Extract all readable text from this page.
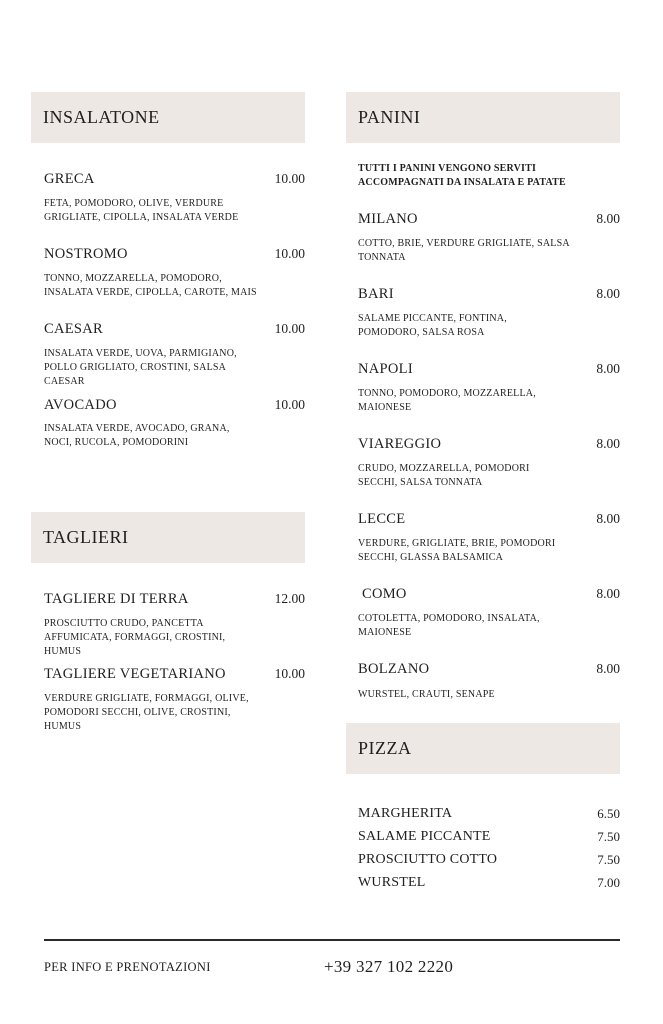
INSALATONE
GRECA	10.00
FETA, POMODORO, OLIVE, VERDURE GRIGLIATE, CIPOLLA, INSALATA VERDE
NOSTROMO	10.00
TONNO, MOZZARELLA, POMODORO, INSALATA VERDE, CIPOLLA, CAROTE, MAIS
CAESAR	10.00
INSALATA VERDE, UOVA, PARMIGIANO, POLLO GRIGLIATO, CROSTINI, SALSA CAESAR
AVOCADO	10.00
INSALATA VERDE, AVOCADO, GRANA, NOCI, RUCOLA, POMODORINI
TAGLIERI
TAGLIERE DI TERRA	12.00
PROSCIUTTO CRUDO, PANCETTA AFFUMICATA, FORMAGGI, CROSTINI, HUMUS
TAGLIERE VEGETARIANO	10.00
VERDURE GRIGLIATE, FORMAGGI, OLIVE, POMODORI SECCHI, OLIVE, CROSTINI, HUMUS
PANINI
TUTTI I PANINI VENGONO SERVITI ACCOMPAGNATI DA INSALATA E PATATE
MILANO	8.00
COTTO, BRIE, VERDURE GRIGLIATE, SALSA TONNATA
BARI	8.00
SALAME PICCANTE, FONTINA, POMODORO, SALSA ROSA
NAPOLI	8.00
TONNO, POMODORO, MOZZARELLA, MAIONESE
VIAREGGIO	8.00
CRUDO, MOZZARELLA, POMODORI SECCHI, SALSA TONNATA
LECCE	8.00
VERDURE, GRIGLIATE, BRIE, POMODORI SECCHI, GLASSA BALSAMICA
COMO	8.00
COTOLETTA, POMODORO, INSALATA, MAIONESE
BOLZANO	8.00
WURSTEL, CRAUTI, SENAPE
PIZZA
MARGHERITA	6.50
SALAME PICCANTE	7.50
PROSCIUTTO COTTO	7.50
WURSTEL	7.00
PER INFO E PRENOTAZIONI	+39 327 102 2220
